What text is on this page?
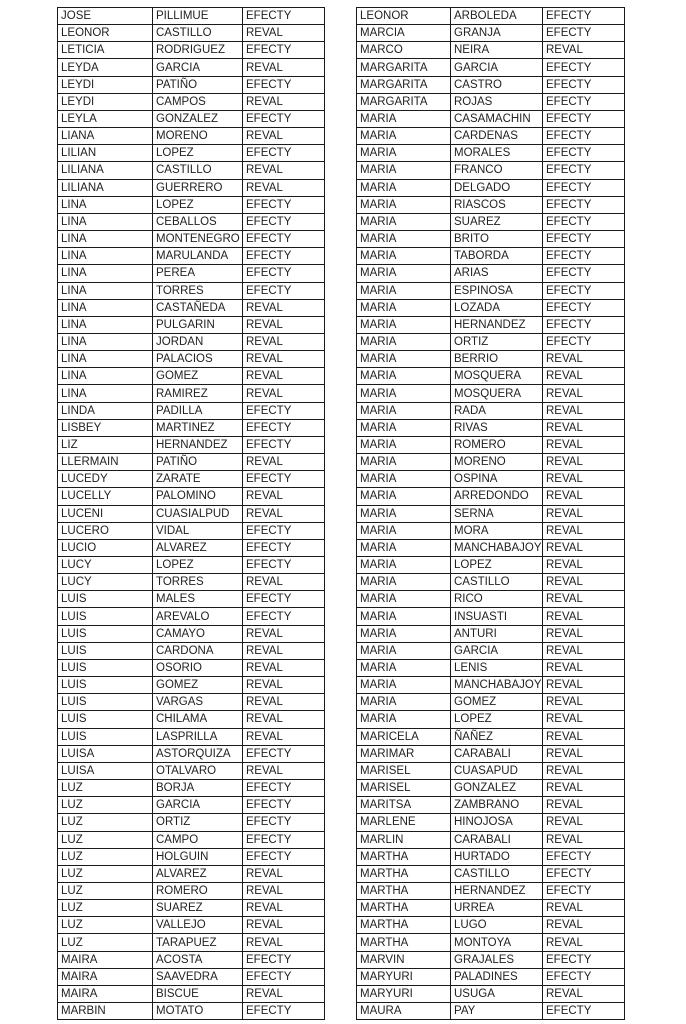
JOSE	PILLIMUE	EFECTY
LEONOR	CASTILLO	REVAL
LETICIA	RODRIGUEZ	EFECTY
LEYDA	GARCIA	REVAL
LEYDI	PATIÑO	EFECTY
LEYDI	CAMPOS	REVAL
LEYLA	GONZALEZ	EFECTY
LIANA	MORENO	REVAL
LILIAN	LOPEZ	EFECTY
LILIANA	CASTILLO	REVAL
LILIANA	GUERRERO	REVAL
LINA	LOPEZ	EFECTY
LINA	CEBALLOS	EFECTY
LINA	MONTENEGRO	EFECTY
LINA	MARULANDA	EFECTY
LINA	PEREA	EFECTY
LINA	TORRES	EFECTY
LINA	CASTAÑEDA	REVAL
LINA	PULGARIN	REVAL
LINA	JORDAN	REVAL
LINA	PALACIOS	REVAL
LINA	GOMEZ	REVAL
LINA	RAMIREZ	REVAL
LINDA	PADILLA	EFECTY
LISBEY	MARTINEZ	EFECTY
LIZ	HERNANDEZ	EFECTY
LLERMAIN	PATIÑO	REVAL
LUCEDY	ZARATE	EFECTY
LUCELLY	PALOMINO	REVAL
LUCENI	CUASIALPUD	REVAL
LUCERO	VIDAL	EFECTY
LUCIO	ALVAREZ	EFECTY
LUCY	LOPEZ	EFECTY
LUCY	TORRES	REVAL
LUIS	MALES	EFECTY
LUIS	AREVALO	EFECTY
LUIS	CAMAYO	REVAL
LUIS	CARDONA	REVAL
LUIS	OSORIO	REVAL
LUIS	GOMEZ	REVAL
LUIS	VARGAS	REVAL
LUIS	CHILAMA	REVAL
LUIS	LASPRILLA	REVAL
LUISA	ASTORQUIZA	EFECTY
LUISA	OTALVARO	REVAL
LUZ	BORJA	EFECTY
LUZ	GARCIA	EFECTY
LUZ	ORTIZ	EFECTY
LUZ	CAMPO	EFECTY
LUZ	HOLGUIN	EFECTY
LUZ	ALVAREZ	REVAL
LUZ	ROMERO	REVAL
LUZ	SUAREZ	REVAL
LUZ	VALLEJO	REVAL
LUZ	TARAPUEZ	REVAL
MAIRA	ACOSTA	EFECTY
MAIRA	SAAVEDRA	EFECTY
MAIRA	BISCUE	REVAL
MARBIN	MOTATO	EFECTY
LEONOR	ARBOLEDA	EFECTY
MARCIA	GRANJA	EFECTY
MARCO	NEIRA	REVAL
MARGARITA	GARCIA	EFECTY
MARGARITA	CASTRO	EFECTY
MARGARITA	ROJAS	EFECTY
MARIA	CASAMACHIN	EFECTY
MARIA	CARDENAS	EFECTY
MARIA	MORALES	EFECTY
MARIA	FRANCO	EFECTY
MARIA	DELGADO	EFECTY
MARIA	RIASCOS	EFECTY
MARIA	SUAREZ	EFECTY
MARIA	BRITO	EFECTY
MARIA	TABORDA	EFECTY
MARIA	ARIAS	EFECTY
MARIA	ESPINOSA	EFECTY
MARIA	LOZADA	EFECTY
MARIA	HERNANDEZ	EFECTY
MARIA	ORTIZ	EFECTY
MARIA	BERRIO	REVAL
MARIA	MOSQUERA	REVAL
MARIA	MOSQUERA	REVAL
MARIA	RADA	REVAL
MARIA	RIVAS	REVAL
MARIA	ROMERO	REVAL
MARIA	MORENO	REVAL
MARIA	OSPINA	REVAL
MARIA	ARREDONDO	REVAL
MARIA	SERNA	REVAL
MARIA	MORA	REVAL
MARIA	MANCHABAJOY	REVAL
MARIA	LOPEZ	REVAL
MARIA	CASTILLO	REVAL
MARIA	RICO	REVAL
MARIA	INSUASTI	REVAL
MARIA	ANTURI	REVAL
MARIA	GARCIA	REVAL
MARIA	LENIS	REVAL
MARIA	MANCHABAJOY	REVAL
MARIA	GOMEZ	REVAL
MARIA	LOPEZ	REVAL
MARICELA	ÑAÑEZ	REVAL
MARIMAR	CARABALI	REVAL
MARISEL	CUASAPUD	REVAL
MARISEL	GONZALEZ	REVAL
MARITSA	ZAMBRANO	REVAL
MARLENE	HINOJOSA	REVAL
MARLIN	CARABALI	REVAL
MARTHA	HURTADO	EFECTY
MARTHA	CASTILLO	EFECTY
MARTHA	HERNANDEZ	EFECTY
MARTHA	URREA	REVAL
MARTHA	LUGO	REVAL
MARTHA	MONTOYA	REVAL
MARVIN	GRAJALES	EFECTY
MARYURI	PALADINES	EFECTY
MARYURI	USUGA	REVAL
MAURA	PAY	EFECTY
